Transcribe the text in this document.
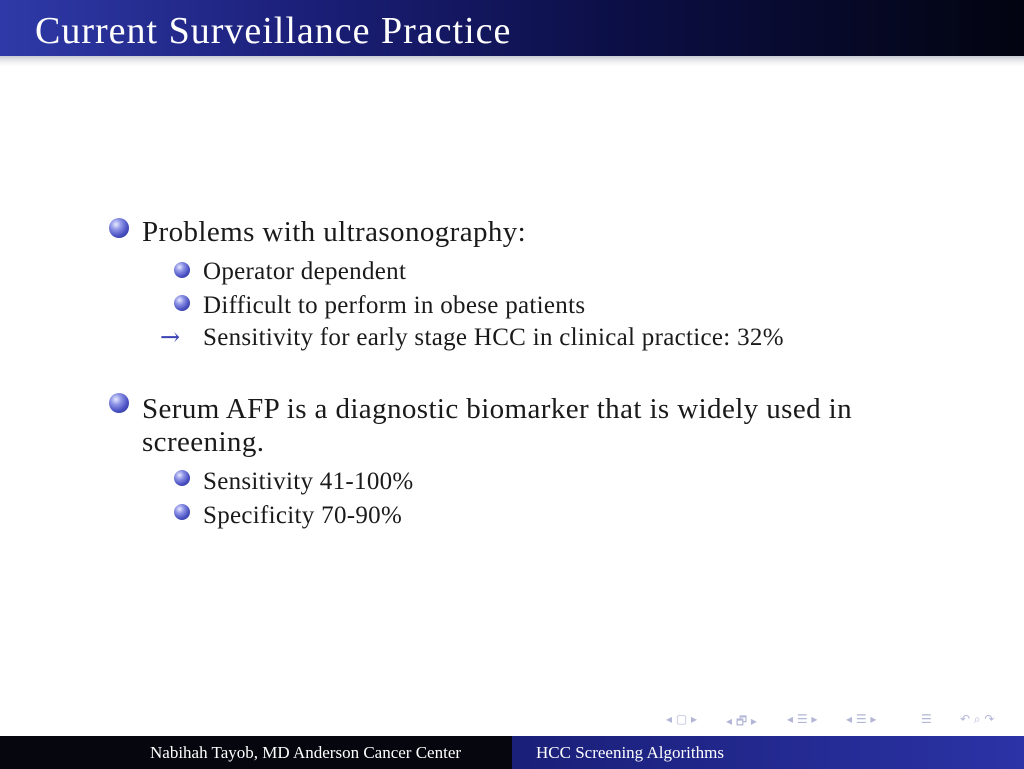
Current Surveillance Practice
Problems with ultrasonography:
Operator dependent
Difficult to perform in obese patients
→ Sensitivity for early stage HCC in clinical practice: 32%
Serum AFP is a diagnostic biomarker that is widely used in
screening.
Sensitivity 41-100%
Specificity 70-90%
◂ ▢ ▸ ◂ 🗗 ▸	◂ ☰ ▸ ◂ ☰ ▸	☰ ↶ ⌕ ↷
Nabihah Tayob, MD Anderson Cancer Center	HCC Screening Algorithms
